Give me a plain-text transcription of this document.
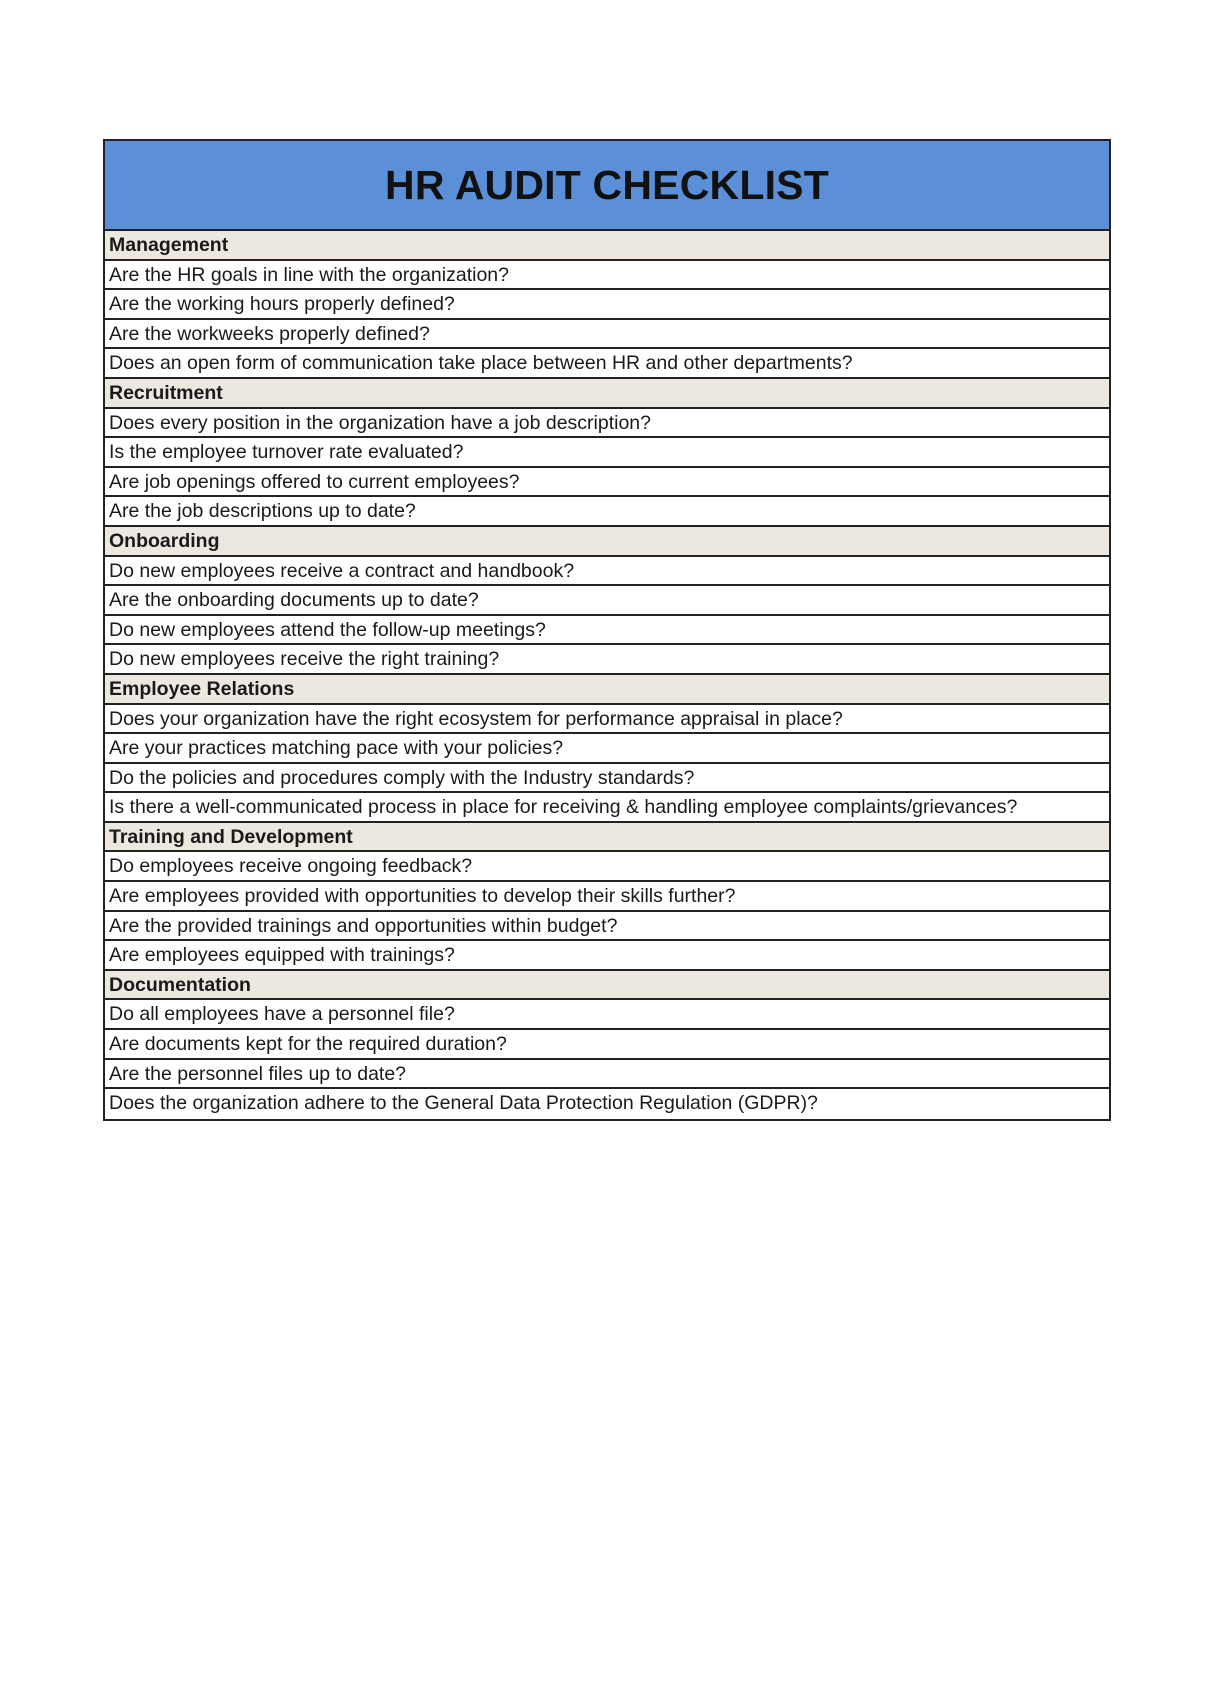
HR AUDIT CHECKLIST
Management
Are the HR goals in line with the organization?
Are the working hours properly defined?
Are the workweeks properly defined?
Does an open form of communication take place between HR and other departments?
Recruitment
Does every position in the organization have a job description?
Is the employee turnover rate evaluated?
Are job openings offered to current employees?
Are the job descriptions up to date?
Onboarding
Do new employees receive a contract and handbook?
Are the onboarding documents up to date?
Do new employees attend the follow-up meetings?
Do new employees receive the right training?
Employee Relations
Does your organization have the right ecosystem for performance appraisal in place?
Are your practices matching pace with your policies?
Do the policies and procedures comply with the Industry standards?
Is there a well-communicated process in place for receiving & handling employee complaints/grievances?
Training and Development
Do employees receive ongoing feedback?
Are employees provided with opportunities to develop their skills further?
Are the provided trainings and opportunities within budget?
Are employees equipped with trainings?
Documentation
Do all employees have a personnel file?
Are documents kept for the required duration?
Are the personnel files up to date?
Does the organization adhere to the General Data Protection Regulation (GDPR)?
